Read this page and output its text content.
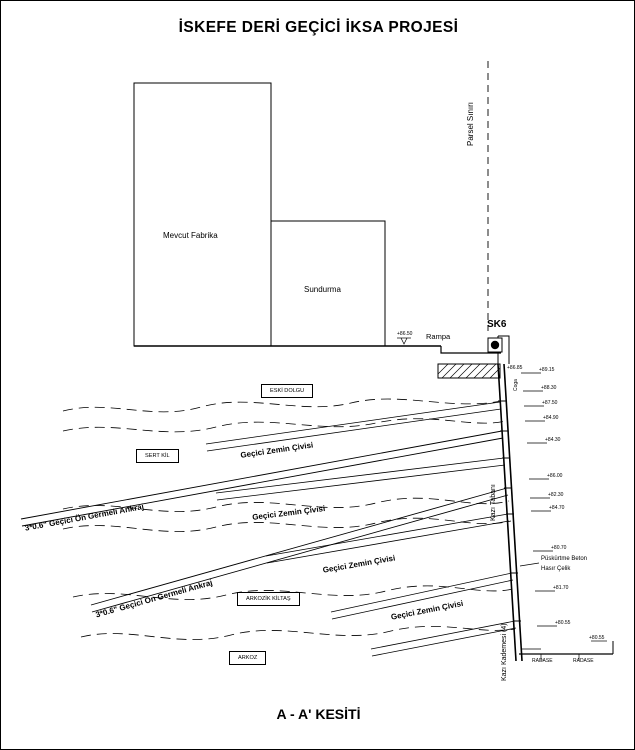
İSKEFE DERİ GEÇİCİ İKSA PROJESİ
A - A' KESİTİ
Mevcut Fabrika
Sundurma
Rampa
+86.50
SK6
Parsel Sınırı
Coga
Kazı Tabanı
Kazı Kademesi (4)
ESKİ DOLGU
SERT KİL
ARKOZİK KİLTAŞ
ARKOZ
Geçici Zemin Çivisi
Geçici Zemin Çivisi
Geçici Zemin Çivisi
Geçici Zemin Çivisi
3*0.6" Geçici Ön Germeli Ankraj
3*0.6" Geçici Ön Germeli Ankraj
Püskürtme Beton
Hasır Çelik
+86.85	+89.15
+88.30
+87.50
+84.90
+84.30
+86.00
+82.30
+84.70
+80.70
+81.70
+80.55
+80.55
RADASE	RADASE
